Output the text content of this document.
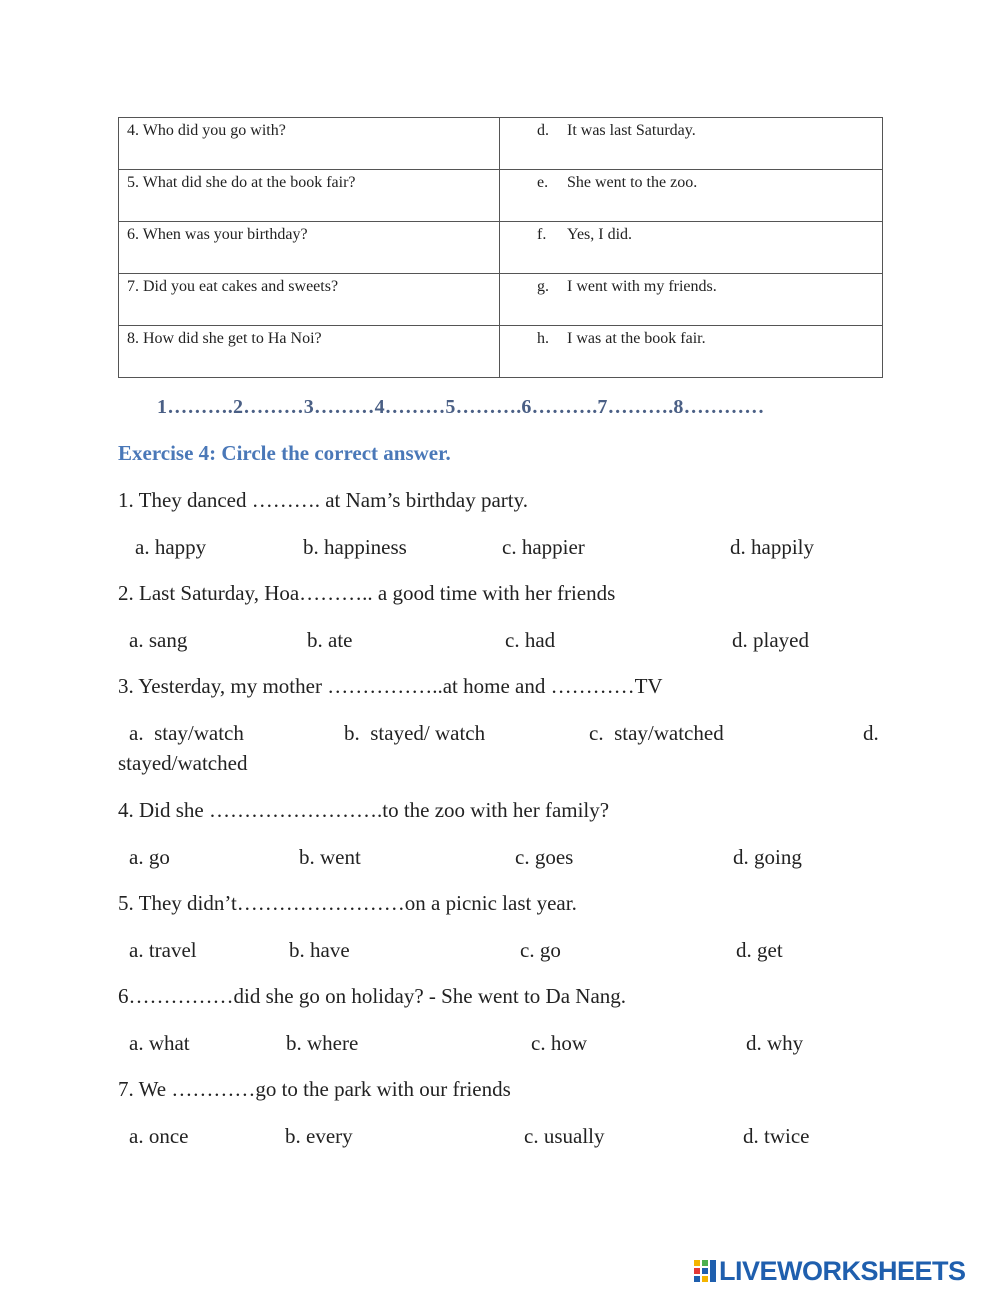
4. Who did you go with?	d. It was last Saturday.
5. What did she do at the book fair?	e. She went to the zoo.
6. When was your birthday?	f. Yes, I did.
7. Did you eat cakes and sweets?	g. I went with my friends.
8. How did she get to Ha Noi?	h. I was at the book fair.
1……….2………3………4………5……….6……….7……….8…………
Exercise 4: Circle the correct answer.
1. They danced ………. at Nam’s birthday party.
a. happy	b. happiness	c. happier	d. happily
2. Last Saturday, Hoa……….. a good time with her friends
a. sang	b. ate	c. had	d. played
3. Yesterday, my mother ……………..at home and …………TV
a.  stay/watch	b.  stayed/ watch	c.  stay/watched	d.
stayed/watched
4. Did she …………………….to the zoo with her family?
a. go	b. went	c. goes	d. going
5. They didn’t……………………on a picnic last year.
a. travel	b. have	c. go	d. get
6……………did she go on holiday? - She went to Da Nang.
a. what	b. where	c. how	d. why
7. We …………go to the park with our friends
a. once	b. every	c. usually	d. twice
LIVEWORKSHEETS
